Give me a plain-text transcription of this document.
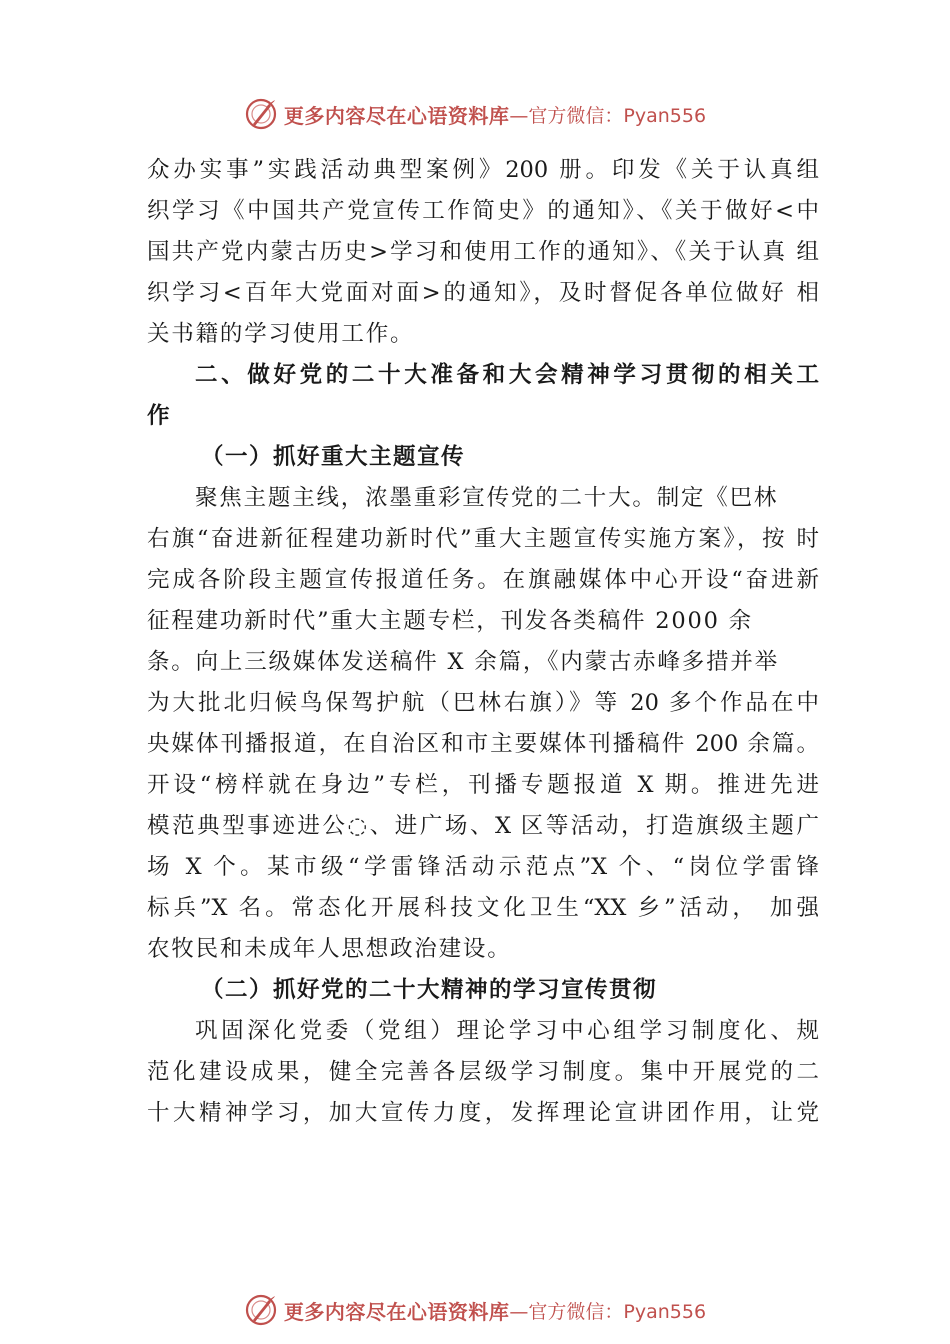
更多内容尽在心语资料库 —官方微信：Pyan556
众办实事”实践活动典型案例》200 册。印发《关于认真组
织学习《中国共产党宣传工作简史》的通知》、《关于做好<中
国共产党内蒙古历史>学习和使用工作的通知》、《关于认真 组
织学习<百年大党面对面>的通知》，及时督促各单位做好 相
关书籍的学习使用工作。
二、做好党的二十大准备和大会精神学习贯彻的相关工
作
（一）抓好重大主题宣传
聚焦主题主线，浓墨重彩宣传党的二十大。制定《巴林
右旗“奋进新征程建功新时代”重大主题宣传实施方案》，按 时
完成各阶段主题宣传报道任务。在旗融媒体中心开设“奋进新
征程建功新时代”重大主题专栏，刊发各类稿件 2000 余
条。向上三级媒体发送稿件 X 余篇，《内蒙古赤峰多措并举
为大批北归候鸟保驾护航（巴林右旗）》等 20 多个作品在中
央媒体刊播报道，在自治区和市主要媒体刊播稿件 200 余篇。
开设“榜样就在身边”专栏，刊播专题报道 X 期。推进先进
模范典型事迹进公◌、进广场、X 区等活动，打造旗级主题广
场 X 个。某市级“学雷锋活动示范点”X 个、“岗位学雷锋
标兵”X 名。常态化开展科技文化卫生“XX 乡”活动， 加强
农牧民和未成年人思想政治建设。
（二）抓好党的二十大精神的学习宣传贯彻
巩固深化党委（党组）理论学习中心组学习制度化、规
范化建设成果，健全完善各层级学习制度。集中开展党的二
十大精神学习，加大宣传力度，发挥理论宣讲团作用，让党
更多内容尽在心语资料库 —官方微信：Pyan556
